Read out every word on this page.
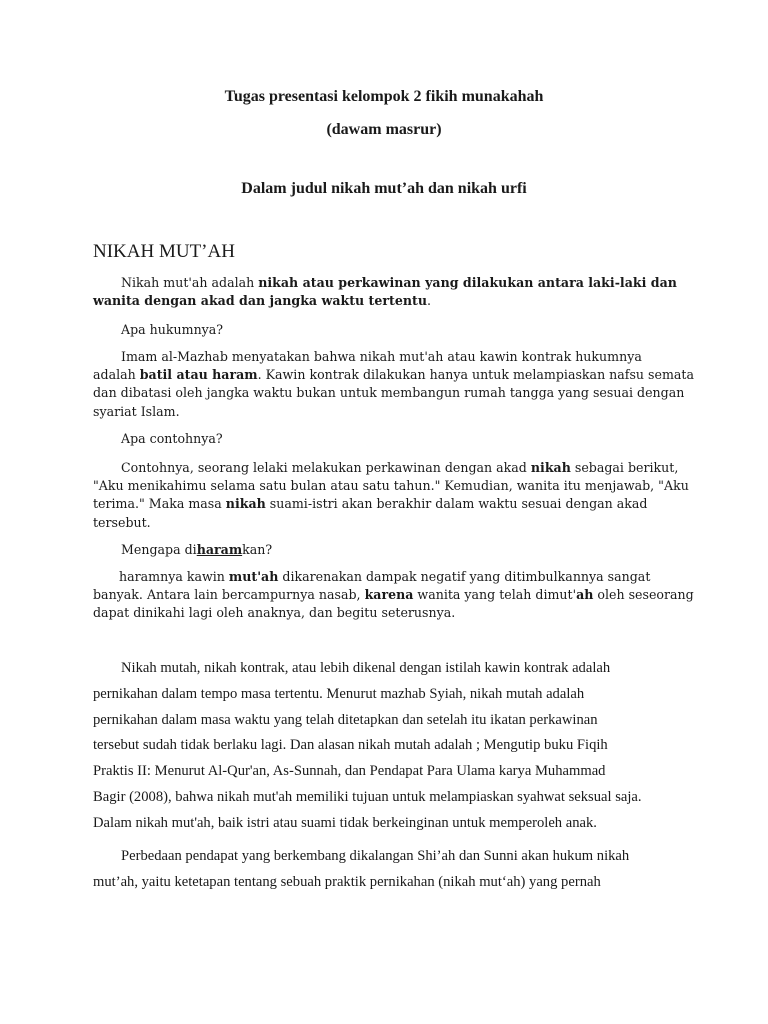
Tugas presentasi kelompok 2 fikih munakahah
(dawam masrur)
Dalam judul nikah mut’ah dan nikah urfi
NIKAH MUT’AH

Nikah mut'ah adalah nikah atau perkawinan yang dilakukan antara laki-laki dan
wanita dengan akad dan jangka waktu tertentu.

Apa hukumnya?

Imam al-Mazhab menyatakan bahwa nikah mut'ah atau kawin kontrak hukumnya
adalah batil atau haram. Kawin kontrak dilakukan hanya untuk melampiaskan nafsu semata
dan dibatasi oleh jangka waktu bukan untuk membangun rumah tangga yang sesuai dengan
syariat Islam.

Apa contohnya?

Contohnya, seorang lelaki melakukan perkawinan dengan akad nikah sebagai berikut,
"Aku menikahimu selama satu bulan atau satu tahun." Kemudian, wanita itu menjawab, "Aku
terima." Maka masa nikah suami-istri akan berakhir dalam waktu sesuai dengan akad
tersebut.

Mengapa diharamkan?

haramnya kawin mut'ah dikarenakan dampak negatif yang ditimbulkannya sangat
banyak. Antara lain bercampurnya nasab, karena wanita yang telah dimut'ah oleh seseorang
dapat dinikahi lagi oleh anaknya, dan begitu seterusnya.

Nikah mutah, nikah kontrak, atau lebih dikenal dengan istilah kawin kontrak adalah
pernikahan dalam tempo masa tertentu. Menurut mazhab Syiah, nikah mutah adalah
pernikahan dalam masa waktu yang telah ditetapkan dan setelah itu ikatan perkawinan
tersebut sudah tidak berlaku lagi. Dan alasan nikah mutah adalah ; Mengutip buku Fiqih
Praktis II: Menurut Al-Qur'an, As-Sunnah, dan Pendapat Para Ulama karya Muhammad
Bagir (2008), bahwa nikah mut'ah memiliki tujuan untuk melampiaskan syahwat seksual saja.
Dalam nikah mut'ah, baik istri atau suami tidak berkeinginan untuk memperoleh anak.

Perbedaan pendapat yang berkembang dikalangan Shi’ah dan Sunni akan hukum nikah
mut’ah, yaitu ketetapan tentang sebuah praktik pernikahan (nikah mut‘ah) yang pernah
